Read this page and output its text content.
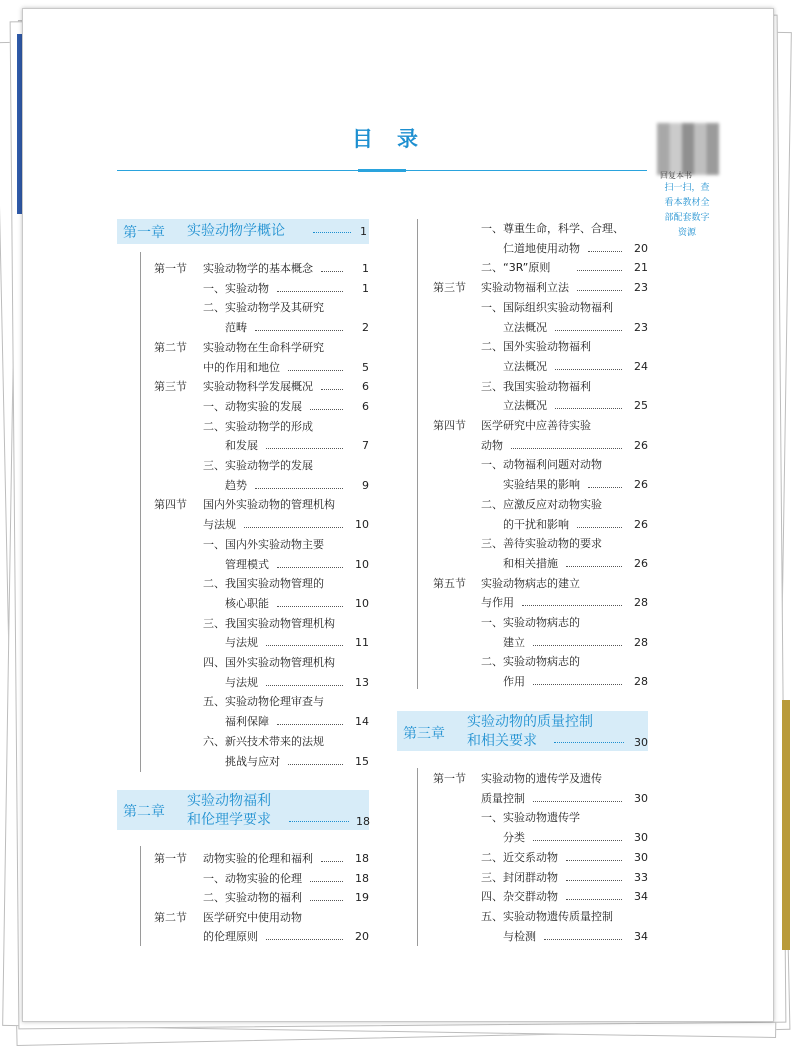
目 录
回复本书
扫一扫，查
看本教材全
部配套数字
资源
第一章 实验动物学概论	1
第一节 实验动物学的基本概念	1
一、实验动物	1
二、实验动物学及其研究
范畴	2
第二节 实验动物在生命科学研究
中的作用和地位	5
第三节 实验动物科学发展概况	6
一、动物实验的发展	6
二、实验动物学的形成
和发展	7
三、实验动物学的发展
趋势	9
第四节 国内外实验动物的管理机构
与法规	10
一、国内外实验动物主要
管理模式	10
二、我国实验动物管理的
核心职能	10
三、我国实验动物管理机构
与法规	11
四、国外实验动物管理机构
与法规	13
五、实验动物伦理审查与
福利保障	14
六、新兴技术带来的法规
挑战与应对	15
第二章
实验动物福利
和伦理学要求	18
第一节 动物实验的伦理和福利	18
一、动物实验的伦理	18
二、实验动物的福利	19
第二节 医学研究中使用动物
的伦理原则	20
一、尊重生命，科学、合理、
仁道地使用动物	20
二、“3R”原则	21
第三节 实验动物福利立法	23
一、国际组织实验动物福利
立法概况	23
二、国外实验动物福利
立法概况	24
三、我国实验动物福利
立法概况	25
第四节 医学研究中应善待实验
动物	26
一、动物福利问题对动物
实验结果的影响	26
二、应激反应对动物实验
的干扰和影响	26
三、善待实验动物的要求
和相关措施	26
第五节 实验动物病志的建立
与作用	28
一、实验动物病志的
建立	28
二、实验动物病志的
作用	28
第三章
实验动物的质量控制
和相关要求	30
第一节 实验动物的遗传学及遗传
质量控制	30
一、实验动物遗传学
分类	30
二、近交系动物	30
三、封闭群动物	33
四、杂交群动物	34
五、实验动物遗传质量控制
与检测	34
